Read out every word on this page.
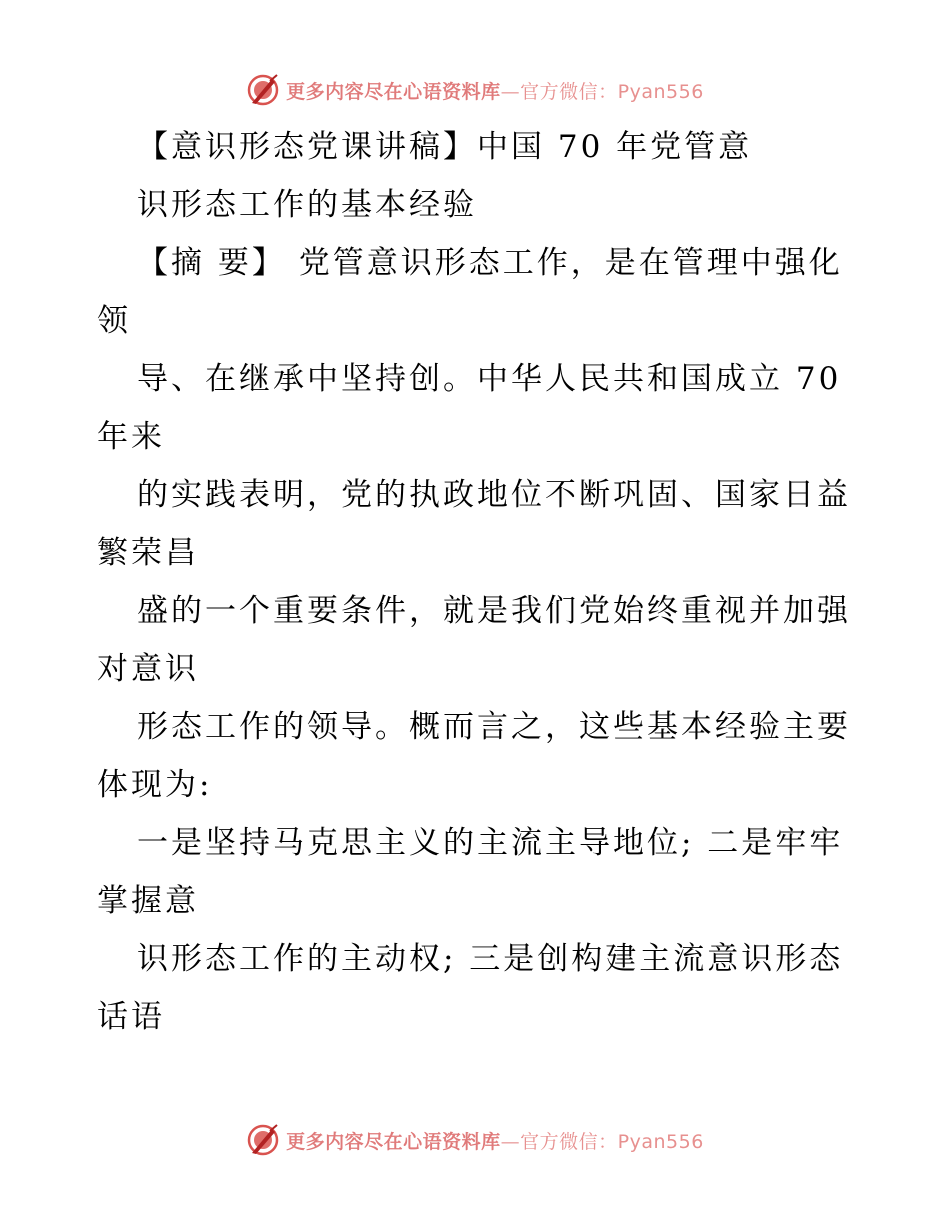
更多内容尽在心语资料库—官方微信：Pyan556
【意识形态党课讲稿】中国 70 年党管意
识形态工作的基本经验
【摘 要】 党管意识形态工作，是在管理中强化
领
导、在继承中坚持创。中华人民共和国成立 70
年来
的实践表明，党的执政地位不断巩固、国家日益
繁荣昌
盛的一个重要条件，就是我们党始终重视并加强
对意识
形态工作的领导。概而言之，这些基本经验主要
体现为:
一是坚持马克思主义的主流主导地位; 二是牢牢
掌握意
识形态工作的主动权; 三是创构建主流意识形态
话语
更多内容尽在心语资料库—官方微信：Pyan556
